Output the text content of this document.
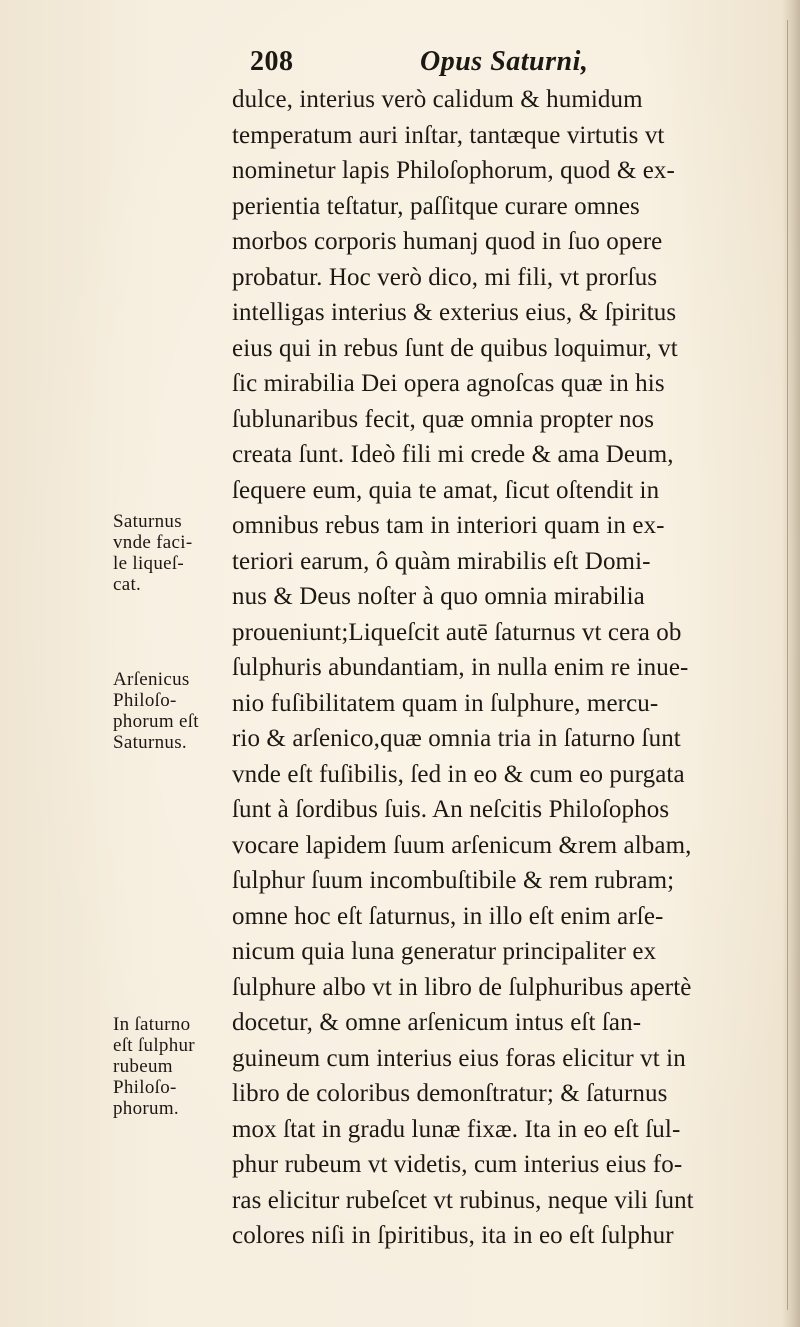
208	Opus Saturni,
dulce, interius verò calidum & humidum
temperatum auri inſtar, tantæque virtutis vt
nominetur lapis Philoſophorum, quod & ex-
perientia teſtatur, paſſitque curare omnes
morbos corporis humanj quod in ſuo opere
probatur. Hoc verò dico, mi fili, vt prorſus
intelligas interius & exterius eius, & ſpiritus
eius qui in rebus ſunt de quibus loquimur, vt
ſic mirabilia Dei opera agnoſcas quæ in his
ſublunaribus fecit, quæ omnia propter nos
creata ſunt. Ideò fili mi crede & ama Deum,
ſequere eum, quia te amat, ſicut oſtendit in
omnibus rebus tam in interiori quam in ex-
teriori earum, ô quàm mirabilis eſt Domi-
nus & Deus noſter à quo omnia mirabilia
proueniunt;Liqueſcit autē ſaturnus vt cera ob
ſulphuris abundantiam, in nulla enim re inue-
nio fuſibilitatem quam in ſulphure, mercu-
rio & arſenico,quæ omnia tria in ſaturno ſunt
vnde eſt fuſibilis, ſed in eo & cum eo purgata
ſunt à ſordibus ſuis. An neſcitis Philoſophos
vocare lapidem ſuum arſenicum &rem albam,
ſulphur ſuum incombuſtibile & rem rubram;
omne hoc eſt ſaturnus, in illo eſt enim arſe-
nicum quia luna generatur principaliter ex
ſulphure albo vt in libro de ſulphuribus apertè
docetur, & omne arſenicum intus eſt ſan-
guineum cum interius eius foras elicitur vt in
libro de coloribus demonſtratur; & ſaturnus
mox ſtat in gradu lunæ fixæ. Ita in eo eſt ſul-
phur rubeum vt videtis, cum interius eius fo-
ras elicitur rubeſcet vt rubinus, neque vili ſunt
colores niſi in ſpiritibus, ita in eo eſt ſulphur
Saturnus
vnde faci-
le liqueſ-
cat.
Arſenicus
Philoſo-
phorum eſt
Saturnus.
In ſaturno
eſt ſulphur
rubeum
Philoſo-
phorum.
